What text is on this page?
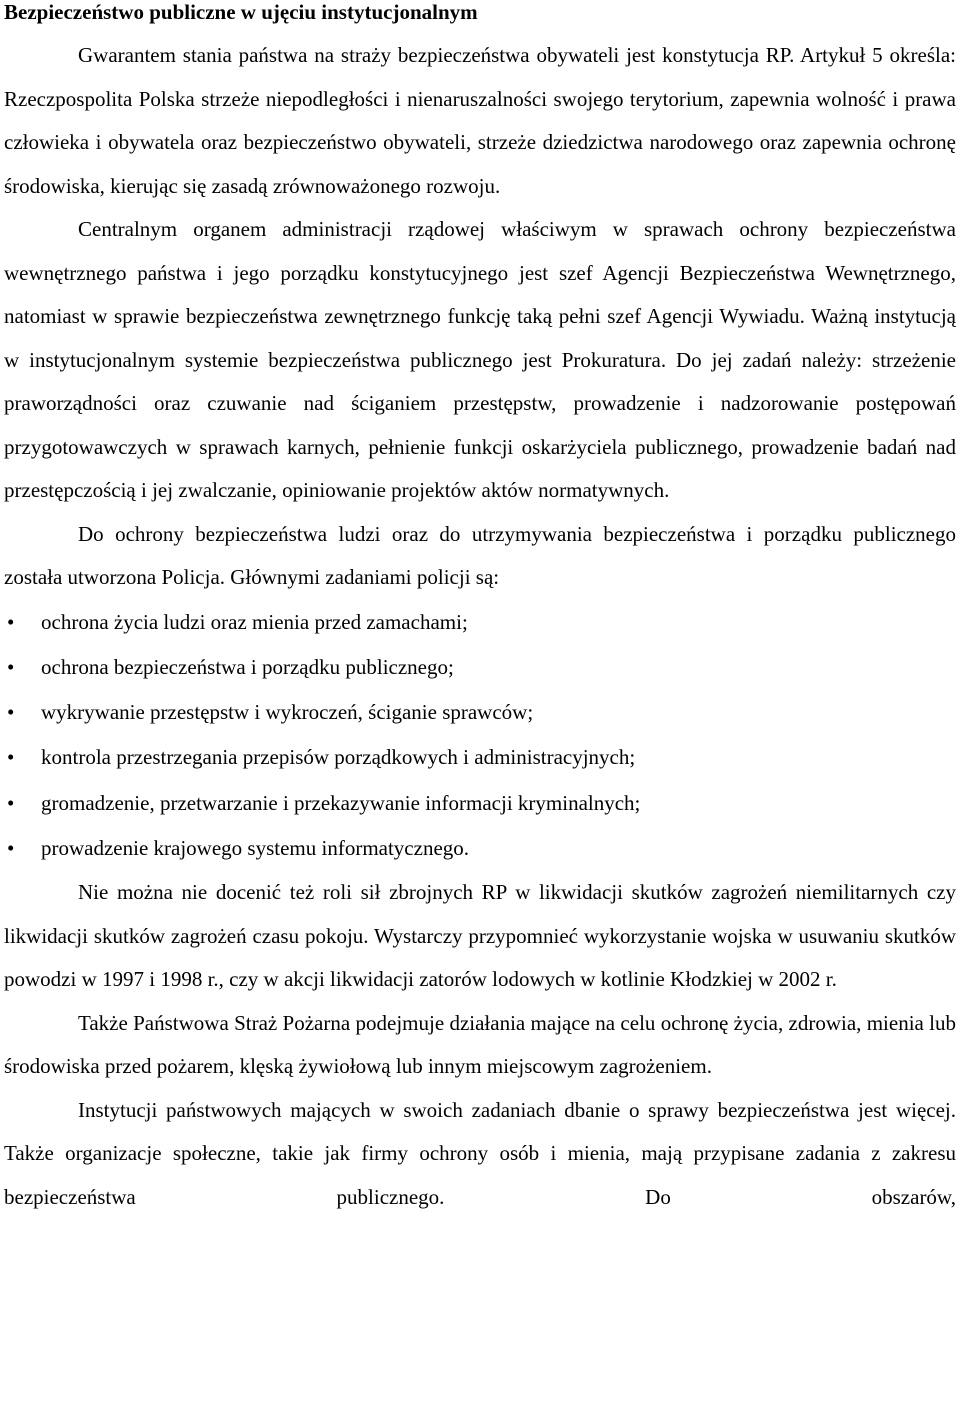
Bezpieczeństwo publiczne w ujęciu instytucjonalnym

Gwarantem stania państwa na straży bezpieczeństwa obywateli jest konstytucja RP. Artykuł 5 określa: Rzeczpospolita Polska strzeże niepodległości i nienaruszalności swojego terytorium, zapewnia wolność i prawa człowieka i obywatela oraz bezpieczeństwo obywateli, strzeże dziedzictwa narodowego oraz zapewnia ochronę środowiska, kierując się zasadą zrównoważonego rozwoju.

Centralnym organem administracji rządowej właściwym w sprawach ochrony bezpieczeństwa wewnętrznego państwa i jego porządku konstytucyjnego jest szef Agencji Bezpieczeństwa Wewnętrznego, natomiast w sprawie bezpieczeństwa zewnętrznego funkcję taką pełni szef Agencji Wywiadu. Ważną instytucją w instytucjonalnym systemie bezpieczeństwa publicznego jest Prokuratura. Do jej zadań należy: strzeżenie praworządności oraz czuwanie nad ściganiem przestępstw, prowadzenie i nadzorowanie postępowań przygotowawczych w sprawach karnych, pełnienie funkcji oskarżyciela publicznego, prowadzenie badań nad przestępczością i jej zwalczanie, opiniowanie projektów aktów normatywnych.

Do ochrony bezpieczeństwa ludzi oraz do utrzymywania bezpieczeństwa i porządku publicznego została utworzona Policja. Głównymi zadaniami policji są:

• ochrona życia ludzi oraz mienia przed zamachami;
• ochrona bezpieczeństwa i porządku publicznego;
• wykrywanie przestępstw i wykroczeń, ściganie sprawców;
• kontrola przestrzegania przepisów porządkowych i administracyjnych;
• gromadzenie, przetwarzanie i przekazywanie informacji kryminalnych;
• prowadzenie krajowego systemu informatycznego.

Nie można nie docenić też roli sił zbrojnych RP w likwidacji skutków zagrożeń niemilitarnych czy likwidacji skutków zagrożeń czasu pokoju. Wystarczy przypomnieć wykorzystanie wojska w usuwaniu skutków powodzi w 1997 i 1998 r., czy w akcji likwidacji zatorów lodowych w kotlinie Kłodzkiej w 2002 r.

Także Państwowa Straż Pożarna podejmuje działania mające na celu ochronę życia, zdrowia, mienia lub środowiska przed pożarem, klęską żywiołową lub innym miejscowym zagrożeniem.

Instytucji państwowych mających w swoich zadaniach dbanie o sprawy bezpieczeństwa jest więcej. Także organizacje społeczne, takie jak firmy ochrony osób i mienia, mają przypisane zadania z zakresu bezpieczeństwa publicznego. Do obszarów,
